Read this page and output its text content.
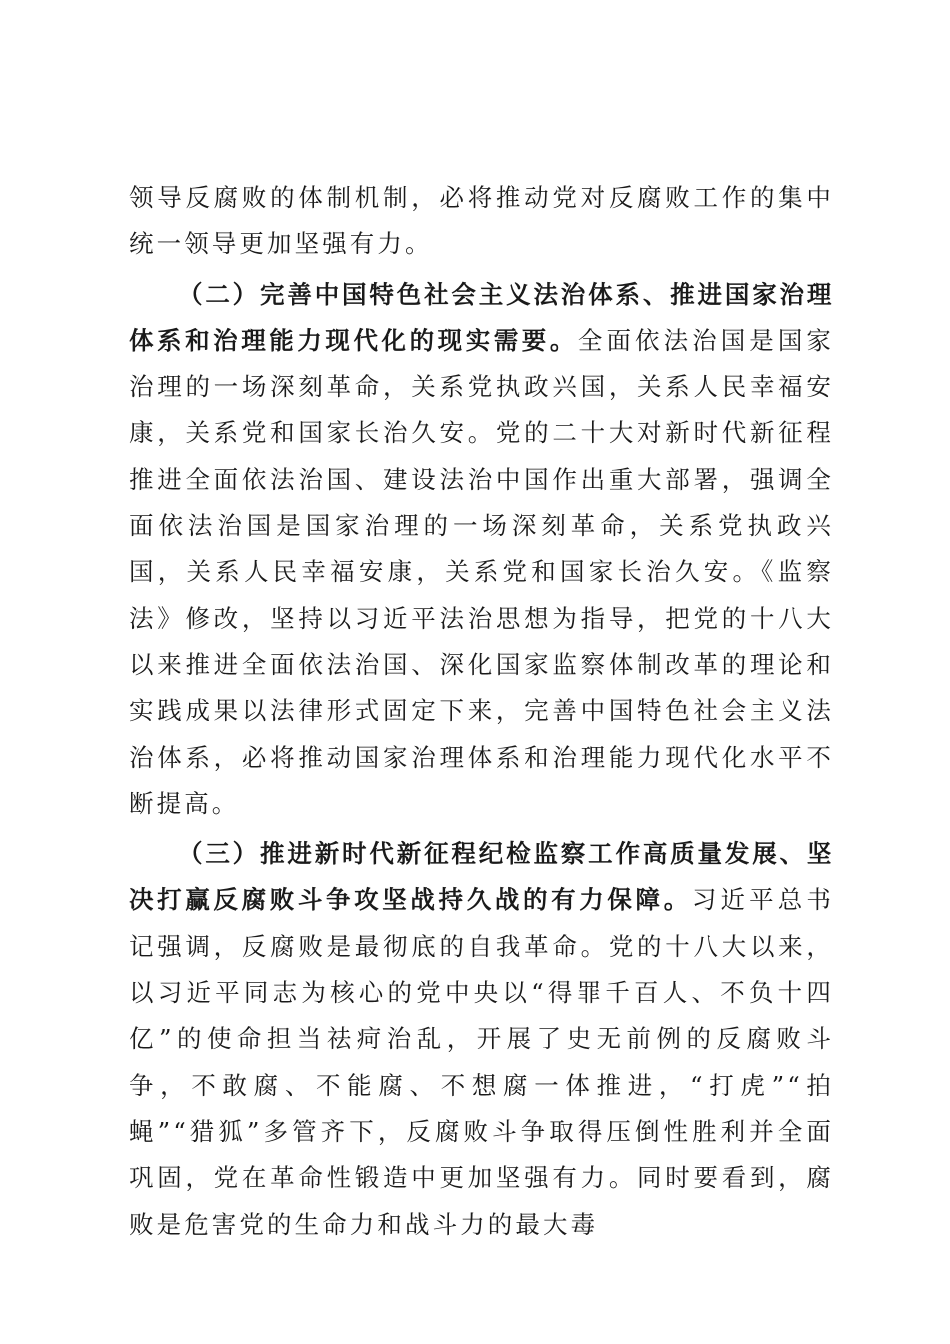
领导反腐败的体制机制，必将推动党对反腐败工作的集中统一领导更加坚强有力。

（二）完善中国特色社会主义法治体系、推进国家治理体系和治理能力现代化的现实需要。全面依法治国是国家治理的一场深刻革命，关系党执政兴国，关系人民幸福安康，关系党和国家长治久安。党的二十大对新时代新征程推进全面依法治国、建设法治中国作出重大部署，强调全面依法治国是国家治理的一场深刻革命，关系党执政兴国，关系人民幸福安康，关系党和国家长治久安。《监察法》修改，坚持以习近平法治思想为指导，把党的十八大以来推进全面依法治国、深化国家监察体制改革的理论和实践成果以法律形式固定下来，完善中国特色社会主义法治体系，必将推动国家治理体系和治理能力现代化水平不断提高。

（三）推进新时代新征程纪检监察工作高质量发展、坚决打赢反腐败斗争攻坚战持久战的有力保障。习近平总书记强调，反腐败是最彻底的自我革命。党的十八大以来，以习近平同志为核心的党中央以“得罪千百人、不负十四亿”的使命担当祛疴治乱，开展了史无前例的反腐败斗争，不敢腐、不能腐、不想腐一体推进，“打虎”“拍蝇”“猎狐”多管齐下，反腐败斗争取得压倒性胜利并全面巩固，党在革命性锻造中更加坚强有力。同时要看到，腐败是危害党的生命力和战斗力的最大毒
